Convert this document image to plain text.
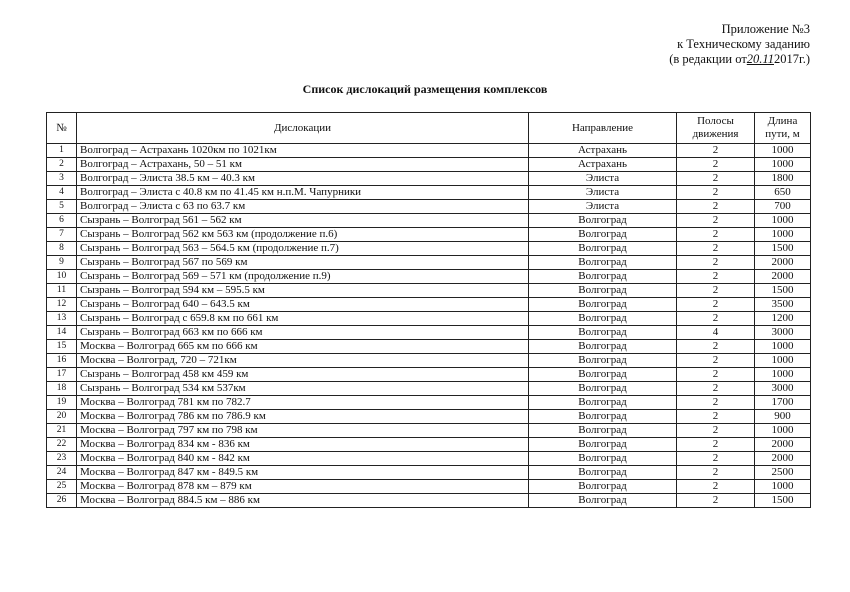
Приложение №3
к Техническому заданию
(в редакции от20.112017г.)
Список дислокаций размещения комплексов
№	Дислокации	Направление	Полосы движения	Длина пути, м
1	Волгоград – Астрахань 1020км по 1021км	Астрахань	2	1000
2	Волгоград – Астрахань, 50 – 51 км	Астрахань	2	1000
3	Волгоград – Элиста 38.5 км – 40.3 км	Элиста	2	1800
4	Волгоград – Элиста с 40.8 км по 41.45 км н.п.М. Чапурники	Элиста	2	650
5	Волгоград – Элиста с 63 по 63.7 км	Элиста	2	700
6	Сызрань – Волгоград 561 – 562 км	Волгоград	2	1000
7	Сызрань – Волгоград 562 км 563 км (продолжение п.6)	Волгоград	2	1000
8	Сызрань – Волгоград 563 – 564.5 км (продолжение п.7)	Волгоград	2	1500
9	Сызрань – Волгоград 567 по 569 км	Волгоград	2	2000
10	Сызрань – Волгоград 569 – 571 км (продолжение п.9)	Волгоград	2	2000
11	Сызрань – Волгоград 594 км – 595.5 км	Волгоград	2	1500
12	Сызрань – Волгоград 640 – 643.5 км	Волгоград	2	3500
13	Сызрань – Волгоград с 659.8 км по 661 км	Волгоград	2	1200
14	Сызрань – Волгоград 663 км по 666 км	Волгоград	4	3000
15	Москва – Волгоград 665 км по 666 км	Волгоград	2	1000
16	Москва – Волгоград, 720 – 721км	Волгоград	2	1000
17	Сызрань – Волгоград 458 км 459 км	Волгоград	2	1000
18	Сызрань – Волгоград 534 км 537км	Волгоград	2	3000
19	Москва – Волгоград 781 км по 782.7	Волгоград	2	1700
20	Москва – Волгоград 786 км по 786.9 км	Волгоград	2	900
21	Москва – Волгоград 797 км по 798 км	Волгоград	2	1000
22	Москва – Волгоград 834 км - 836 км	Волгоград	2	2000
23	Москва – Волгоград 840 км - 842 км	Волгоград	2	2000
24	Москва – Волгоград 847 км - 849.5 км	Волгоград	2	2500
25	Москва – Волгоград 878 км – 879 км	Волгоград	2	1000
26	Москва – Волгоград 884.5 км – 886 км	Волгоград	2	1500
